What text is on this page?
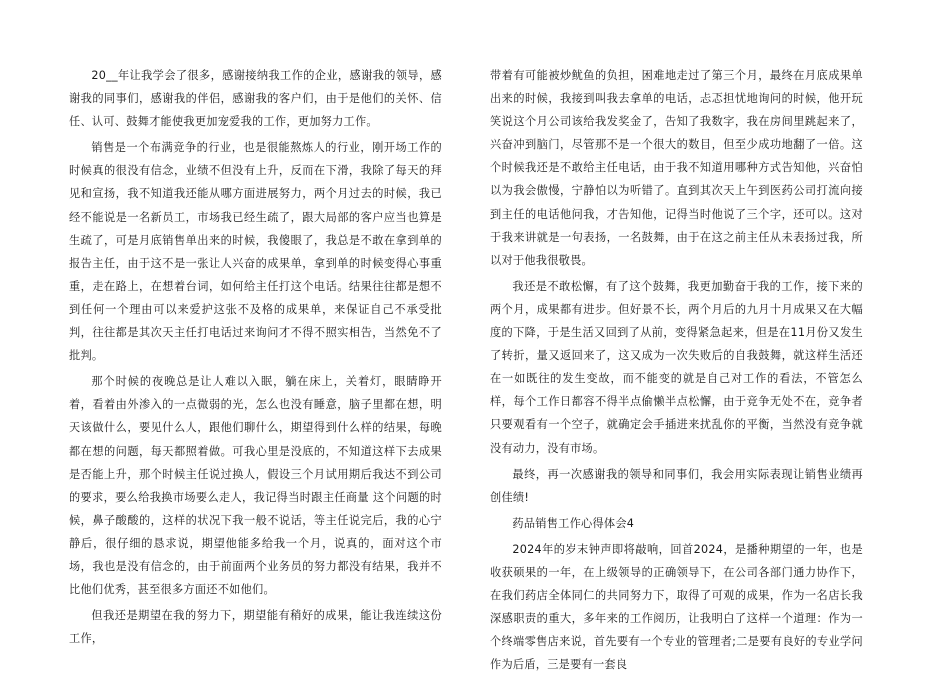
20__年让我学会了很多，感谢接纳我工作的企业，感谢我的领导，感谢我的同事们，感谢我的伴侣，感谢我的客户们，由于是他们的关怀、信任、认可、鼓舞才能使我更加宠爱我的工作，更加努力工作。

销售是一个布满竞争的行业，也是很能熬炼人的行业，刚开场工作的时候真的很没有信念，业绩不但没有上升，反而在下滑，我除了每天的拜见和宣扬，我不知道我还能从哪方面进展努力，两个月过去的时候，我已经不能说是一名新员工，市场我已经生疏了，跟大局部的客户应当也算是生疏了，可是月底销售单出来的时候，我傻眼了，我总是不敢在拿到单的报告主任，由于这不是一张让人兴奋的成果单，拿到单的时候变得心事重重，走在路上，在想着台词，如何给主任打这个电话。结果往往都是想不到任何一个理由可以来爱护这张不及格的成果单，来保证自己不承受批判，往往都是其次天主任打电话过来询问才不得不照实相告，当然免不了批判。

那个时候的夜晚总是让人难以入眠，躺在床上，关着灯，眼睛睁开着，看着由外渗入的一点微弱的光，怎么也没有睡意，脑子里都在想，明天该做什么，要见什么人，跟他们聊什么，期望得到什么样的结果，每晚都在想的问题，每天都照着做。可我心里是没底的，不知道这样下去成果是否能上升，那个时候主任说过换人，假设三个月试用期后我达不到公司的要求，要么给我换市场要么走人，我记得当时跟主任商量 这个问题的时候，鼻子酸酸的，这样的状况下我一般不说话，等主任说完后，我的心宁静后，很仔细的恳求说，期望他能多给我一个月，说真的，面对这个市场，我也是没有信念的，由于前面两个业务员的努力都没有结果，我并不比他们优秀，甚至很多方面还不如他们。

但我还是期望在我的努力下，期望能有稍好的成果，能让我连续这份工作，

带着有可能被炒鱿鱼的负担，困难地走过了第三个月，最终在月底成果单出来的时候，我接到叫我去拿单的电话，忐忑担忧地询问的时候，他开玩笑说这个月公司该给我发奖金了，告知了我数字，我在房间里跳起来了，兴奋冲到脑门，尽管那不是一个很大的数目，但至少成功地翻了一倍。这个时候我还是不敢给主任电话，由于我不知道用哪种方式告知他，兴奋怕以为我会傲慢，宁静怕以为听错了。直到其次天上午到医药公司打流向接到主任的电话他问我，才告知他，记得当时他说了三个字，还可以。这对于我来讲就是一句表扬，一名鼓舞，由于在这之前主任从未表扬过我，所以对于他我很敬畏。

我还是不敢松懈，有了这个鼓舞，我更加勤奋于我的工作，接下来的两个月，成果都有进步。但好景不长，两个月后的九月十月成果又在大幅度的下降，于是生活又回到了从前，变得紧急起来，但是在11月份又发生了转折，量又返回来了，这又成为一次失败后的自我鼓舞，就这样生活还在一如既往的发生变故，而不能变的就是自己对工作的看法，不管怎么样，每个工作日都容不得半点偷懒半点松懈，由于竞争无处不在，竞争者只要观看有一个空子，就确定会手插进来扰乱你的平衡，当然没有竞争就没有动力，没有市场。

最终，再一次感谢我的领导和同事们，我会用实际表现让销售业绩再创佳绩!

药品销售工作心得体会4

2024年的岁末钟声即将敲响，回首2024，是播种期望的一年，也是收获硕果的一年，在上级领导的正确领导下，在公司各部门通力协作下，在我们药店全体同仁的共同努力下，取得了可观的成果，作为一名店长我深感职责的重大，多年来的工作阅历，让我明白了这样一个道理：作为一个终端零售店来说，首先要有一个专业的管理者;二是要有良好的专业学问作为后盾，三是要有一套良
